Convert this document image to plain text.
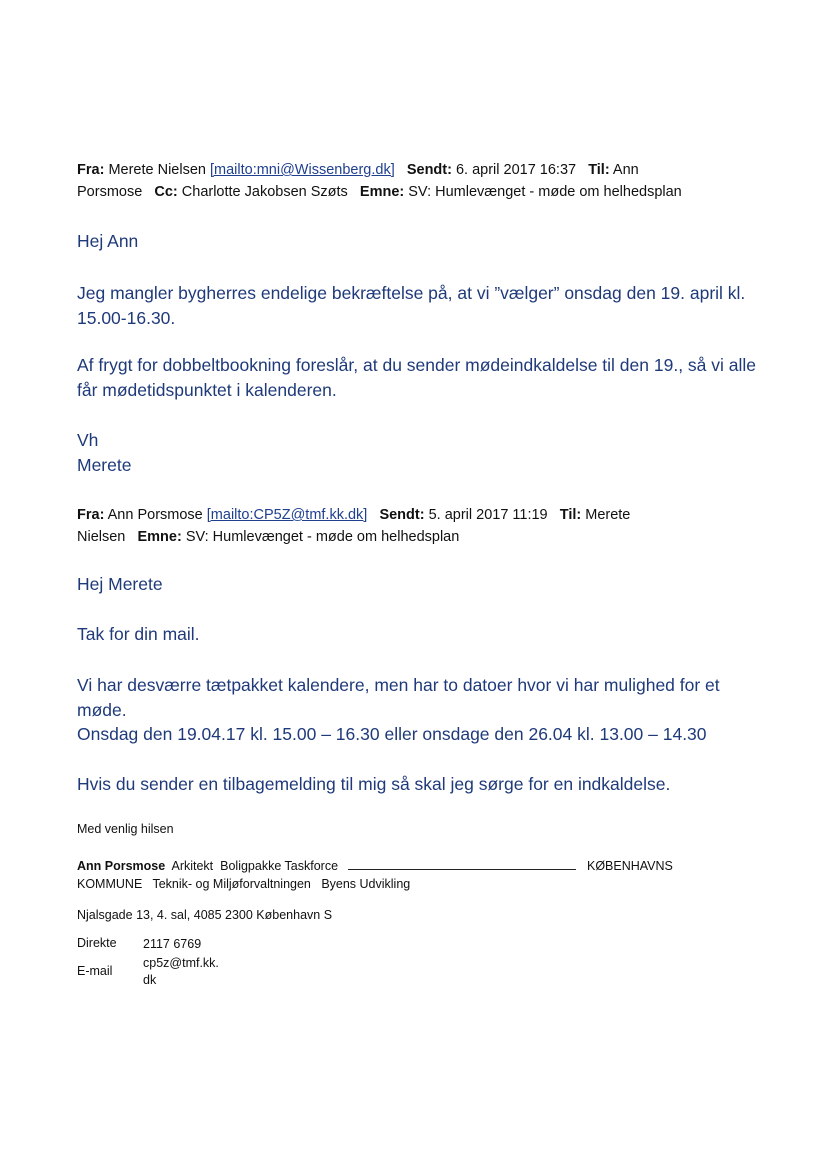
Fra: Merete Nielsen [mailto:mni@Wissenberg.dk] Sendt: 6. april 2017 16:37 Til: Ann
Porsmose Cc: Charlotte Jakobsen Szøts Emne: SV: Humlevænget - møde om helhedsplan
Hej Ann
Jeg mangler bygherres endelige bekræftelse på, at vi ”vælger” onsdag den 19. april kl. 15.00-16.30.
Af frygt for dobbeltbookning foreslår, at du sender mødeindkaldelse til den 19., så vi alle får mødetidspunktet i kalenderen.
Vh
Merete
Fra: Ann Porsmose [mailto:CP5Z@tmf.kk.dk] Sendt: 5. april 2017 11:19 Til: Merete
Nielsen Emne: SV: Humlevænget - møde om helhedsplan
Hej Merete
Tak for din mail.
Vi har desværre tætpakket kalendere, men har to datoer hvor vi har mulighed for et møde.
Onsdag den 19.04.17 kl. 15.00 – 16.30 eller onsdage den 26.04 kl. 13.00 – 14.30
Hvis du sender en tilbagemelding til mig så skal jeg sørge for en indkaldelse.
Med venlig hilsen
Ann Porsmose Arkitekt Boligpakke Taskforce	KØBENHAVNS
KOMMUNE Teknik- og Miljøforvaltningen Byens Udvikling
Njalsgade 13, 4. sal, 4085 2300 København S
Direkte 2117 6769
E-mail
cp5z@tmf.kk.
dk
